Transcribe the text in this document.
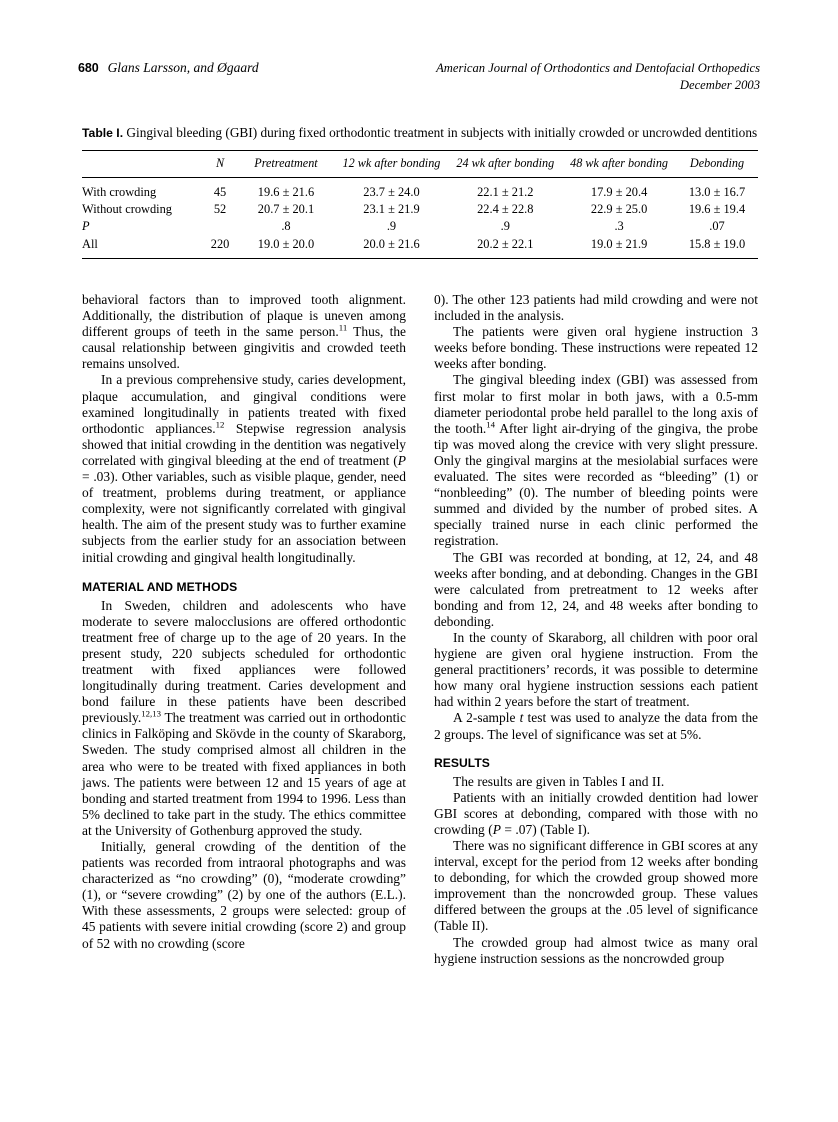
680 Glans Larsson, and Øgaard	American Journal of Orthodontics and Dentofacial Orthopedics
December 2003
Table I. Gingival bleeding (GBI) during fixed orthodontic treatment in subjects with initially crowded or uncrowded dentitions
	N	Pretreatment	12 wk after bonding	24 wk after bonding	48 wk after bonding	Debonding
With crowding	45	19.6 ± 21.6	23.7 ± 24.0	22.1 ± 21.2	17.9 ± 20.4	13.0 ± 16.7
Without crowding	52	20.7 ± 20.1	23.1 ± 21.9	22.4 ± 22.8	22.9 ± 25.0	19.6 ± 19.4
P		.8	.9	.9	.3	.07
All	220	19.0 ± 20.0	20.0 ± 21.6	20.2 ± 22.1	19.0 ± 21.9	15.8 ± 19.0

behavioral factors than to improved tooth alignment. Additionally, the distribution of plaque is uneven among different groups of teeth in the same person.$^{11}$ Thus, the causal relationship between gingivitis and crowded teeth remains unsolved.

In a previous comprehensive study, caries development, plaque accumulation, and gingival conditions were examined longitudinally in patients treated with fixed orthodontic appliances.$^{12}$ Stepwise regression analysis showed that initial crowding in the dentition was negatively correlated with gingival bleeding at the end of treatment (P = .03). Other variables, such as visible plaque, gender, need of treatment, problems during treatment, or appliance complexity, were not significantly correlated with gingival health. The aim of the present study was to further examine subjects from the earlier study for an association between initial crowding and gingival health longitudinally.

MATERIAL AND METHODS

In Sweden, children and adolescents who have moderate to severe malocclusions are offered orthodontic treatment free of charge up to the age of 20 years. In the present study, 220 subjects scheduled for orthodontic treatment with fixed appliances were followed longitudinally during treatment. Caries development and bond failure in these patients have been described previously.$^{12,13}$ The treatment was carried out in orthodontic clinics in Falköping and Skövde in the county of Skaraborg, Sweden. The study comprised almost all children in the area who were to be treated with fixed appliances in both jaws. The patients were between 12 and 15 years of age at bonding and started treatment from 1994 to 1996. Less than 5% declined to take part in the study. The ethics committee at the University of Gothenburg approved the study.

Initially, general crowding of the dentition of the patients was recorded from intraoral photographs and was characterized as “no crowding” (0), “moderate crowding” (1), or “severe crowding” (2) by one of the authors (E.L.). With these assessments, 2 groups were selected: group of 45 patients with severe initial crowding (score 2) and group of 52 with no crowding (score

0). The other 123 patients had mild crowding and were not included in the analysis.

The patients were given oral hygiene instruction 3 weeks before bonding. These instructions were repeated 12 weeks after bonding.

The gingival bleeding index (GBI) was assessed from first molar to first molar in both jaws, with a 0.5-mm diameter periodontal probe held parallel to the long axis of the tooth.$^{14}$ After light air-drying of the gingiva, the probe tip was moved along the crevice with very slight pressure. Only the gingival margins at the mesiolabial surfaces were evaluated. The sites were recorded as “bleeding” (1) or “nonbleeding” (0). The number of bleeding points were summed and divided by the number of probed sites. A specially trained nurse in each clinic performed the registration.

The GBI was recorded at bonding, at 12, 24, and 48 weeks after bonding, and at debonding. Changes in the GBI were calculated from pretreatment to 12 weeks after bonding and from 12, 24, and 48 weeks after bonding to debonding.

In the county of Skaraborg, all children with poor oral hygiene are given oral hygiene instruction. From the general practitioners’ records, it was possible to determine how many oral hygiene instruction sessions each patient had within 2 years before the start of treatment.

A 2-sample t test was used to analyze the data from the 2 groups. The level of significance was set at 5%.

RESULTS

The results are given in Tables I and II.

Patients with an initially crowded dentition had lower GBI scores at debonding, compared with those with no crowding (P = .07) (Table I).

There was no significant difference in GBI scores at any interval, except for the period from 12 weeks after bonding to debonding, for which the crowded group showed more improvement than the noncrowded group. These values differed between the groups at the .05 level of significance (Table II).

The crowded group had almost twice as many oral hygiene instruction sessions as the noncrowded group
